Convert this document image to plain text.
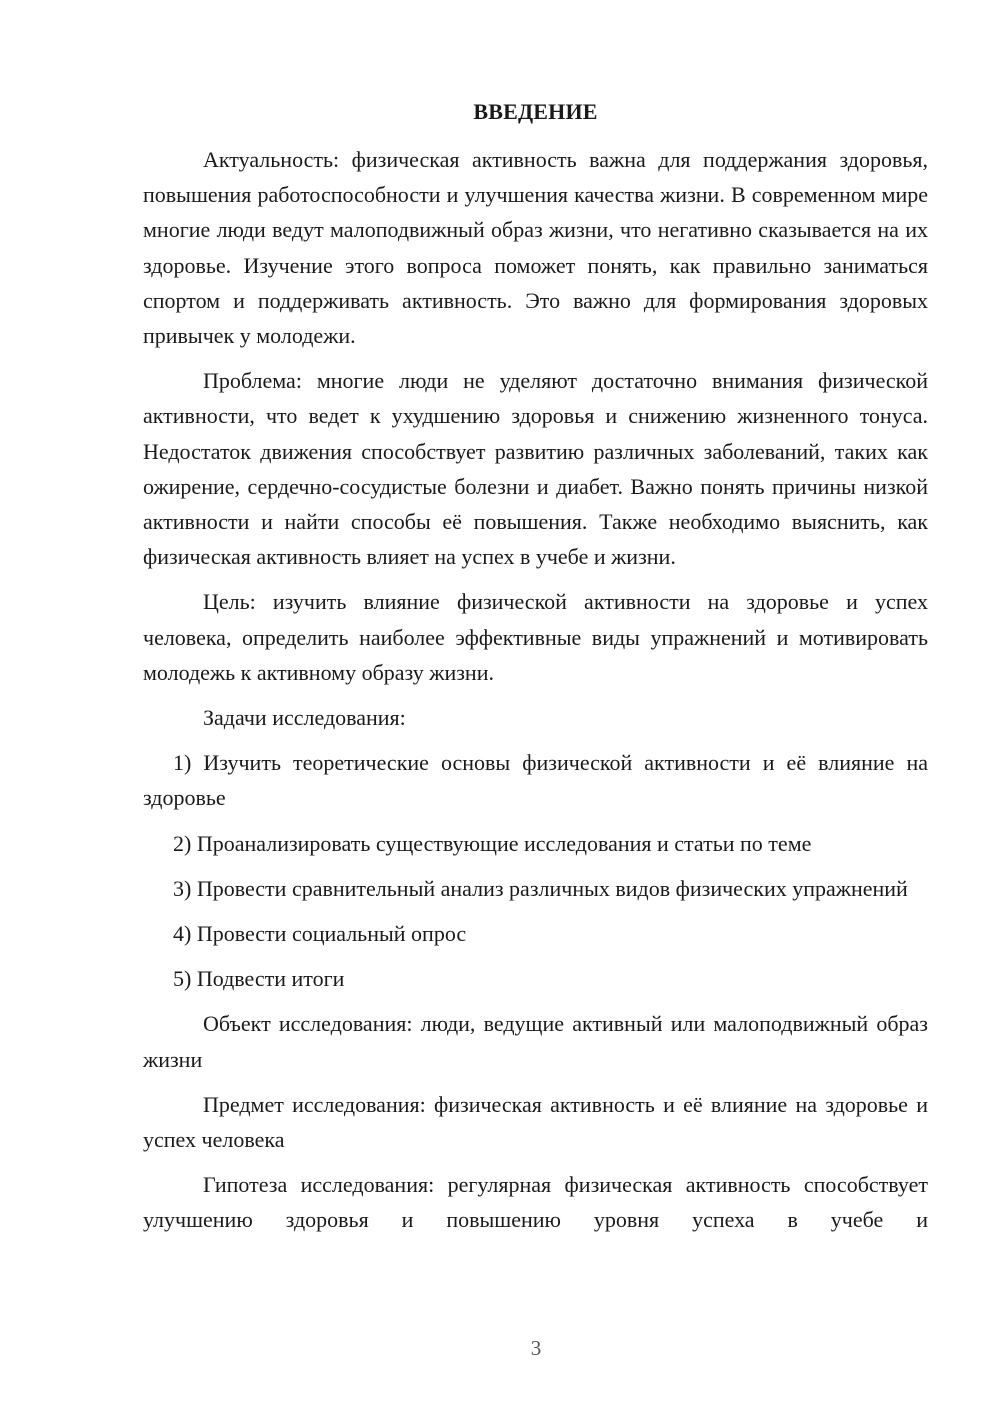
ВВЕДЕНИЕ

Актуальность: физическая активность важна для поддержания здоровья, повышения работоспособности и улучшения качества жизни. В современном мире многие люди ведут малоподвижный образ жизни, что негативно сказывается на их здоровье. Изучение этого вопроса поможет понять, как правильно заниматься спортом и поддерживать активность. Это важно для формирования здоровых привычек у молодежи.

Проблема: многие люди не уделяют достаточно внимания физической активности, что ведет к ухудшению здоровья и снижению жизненного тонуса. Недостаток движения способствует развитию различных заболеваний, таких как ожирение, сердечно-сосудистые болезни и диабет. Важно понять причины низкой активности и найти способы её повышения. Также необходимо выяснить, как физическая активность влияет на успех в учебе и жизни.

Цель: изучить влияние физической активности на здоровье и успех человека, определить наиболее эффективные виды упражнений и мотивировать молодежь к активному образу жизни.

Задачи исследования:

1) Изучить теоретические основы физической активности и её влияние на здоровье

2) Проанализировать существующие исследования и статьи по теме

3) Провести сравнительный анализ различных видов физических упражнений

4) Провести социальный опрос

5) Подвести итоги

Объект исследования: люди, ведущие активный или малоподвижный образ жизни

Предмет исследования: физическая активность и её влияние на здоровье и успех человека

Гипотеза исследования: регулярная физическая активность способствует улучшению здоровья и повышению уровня успеха в учебе и

3
